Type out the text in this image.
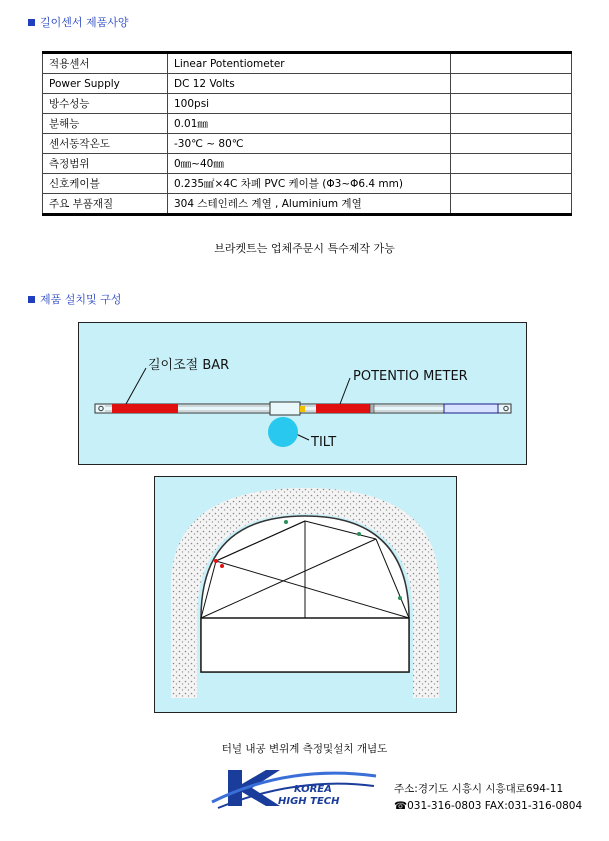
길이센서 제품사양
적용센서	Linear Potentiometer	
Power Supply	DC 12 Volts	
방수성능	100psi	
분해능	0.01㎜	
센서동작온도	-30℃ ~ 80℃	
측정범위	0㎜~40㎜	
신호케이블	0.235㎟×4C 차폐 PVC 케이블 (Φ3~Φ6.4 mm)	
주요 부품재질	304 스테인레스 계열 , Aluminium 계열	
브라켓트는 업체주문시 특수제작 가능
제품 설치및 구성
길이조절 BAR
POTENTIO METER
TILT
터널 내공 변위계 측정및설치 개념도
KOREA
HIGH TECH
주소:경기도 시흥시 시흥대로694-11
☎031-316-0803 FAX:031-316-0804
